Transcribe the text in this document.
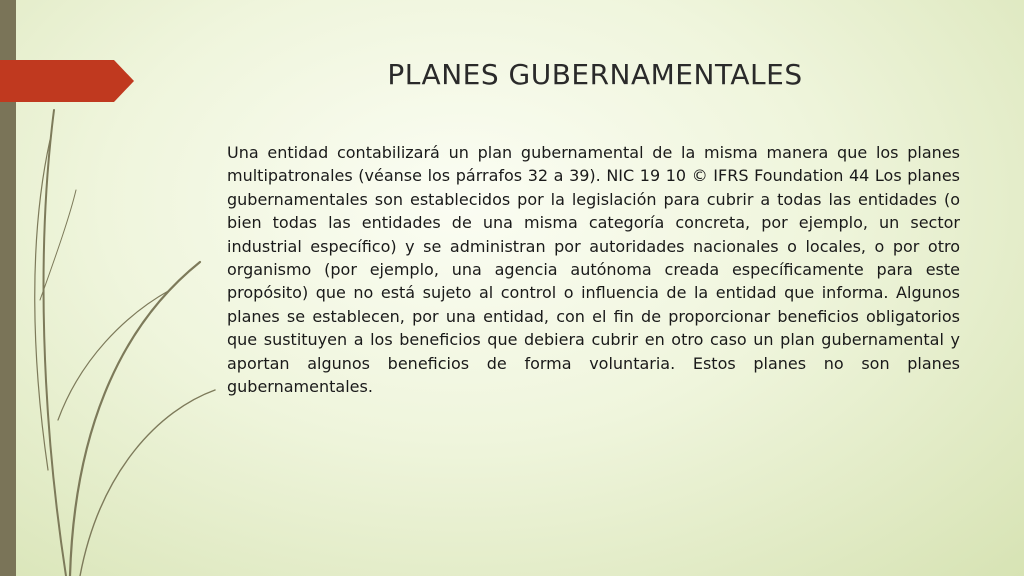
PLANES GUBERNAMENTALES

Una entidad contabilizará un plan gubernamental de la misma manera que los planes multipatronales (véanse los párrafos 32 a 39). NIC 19 10 © IFRS Foundation 44 Los planes gubernamentales son establecidos por la legislación para cubrir a todas las entidades (o bien todas las entidades de una misma categoría concreta, por ejemplo, un sector industrial específico) y se administran por autoridades nacionales o locales, o por otro organismo (por ejemplo, una agencia autónoma creada específicamente para este propósito) que no está sujeto al control o influencia de la entidad que informa. Algunos planes se establecen, por una entidad, con el fin de proporcionar beneficios obligatorios que sustituyen a los beneficios que debiera cubrir en otro caso un plan gubernamental y aportan algunos beneficios de forma voluntaria. Estos planes no son planes gubernamentales.
